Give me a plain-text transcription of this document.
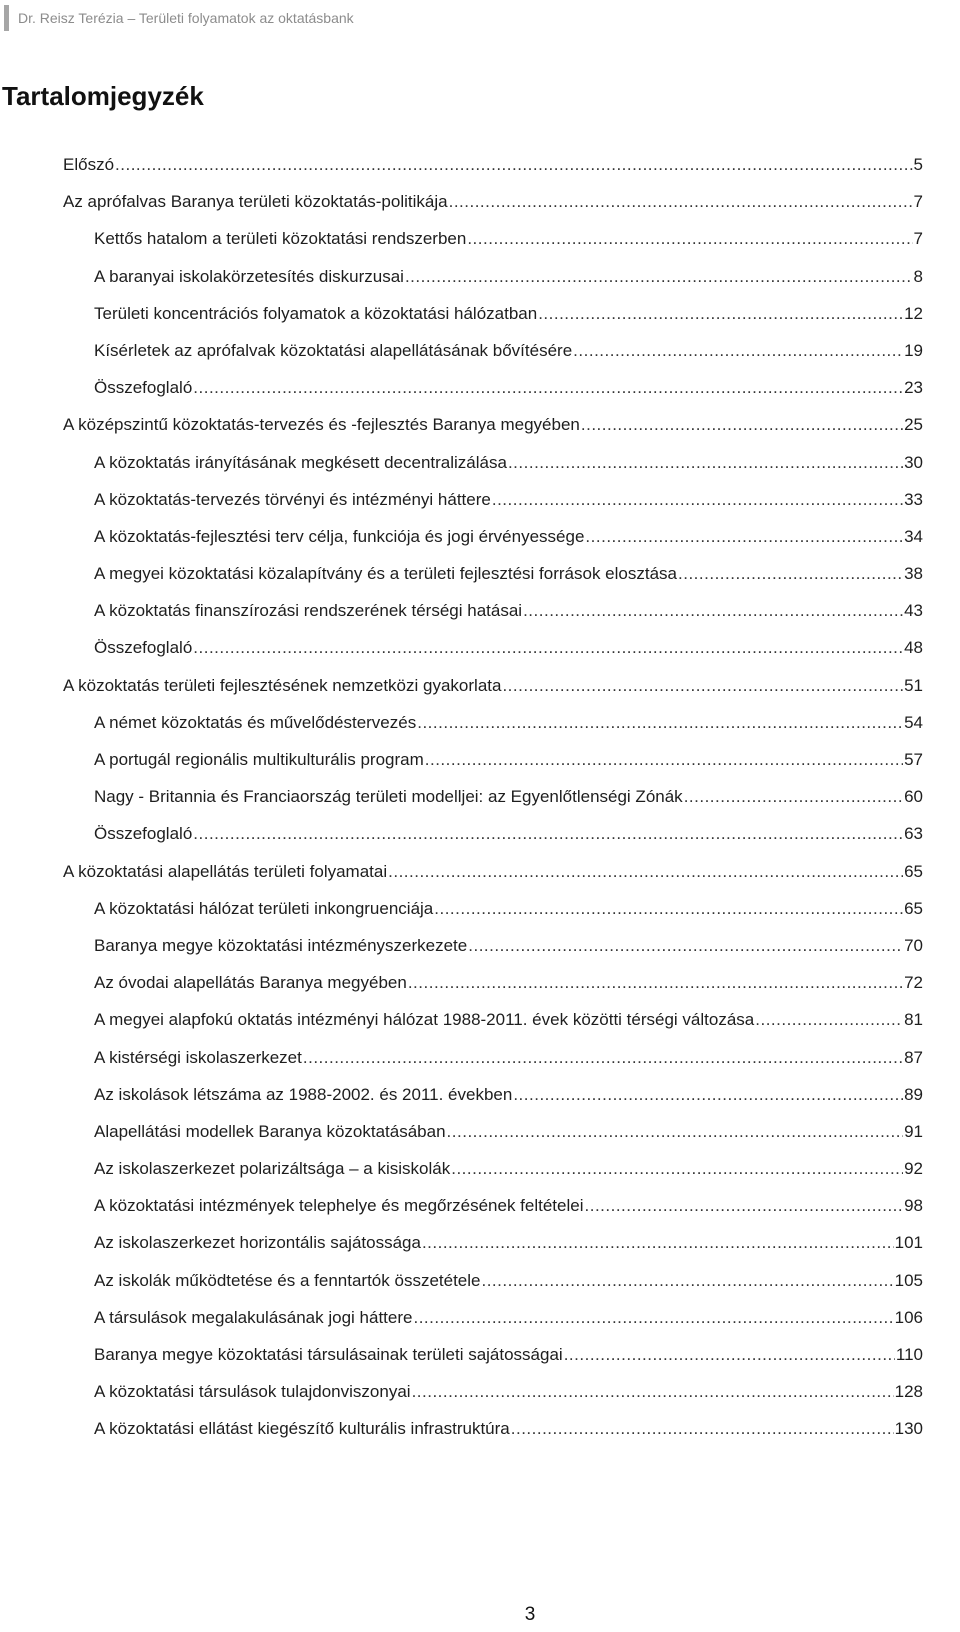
Dr. Reisz Terézia – Területi folyamatok az oktatásbank
Tartalomjegyzék
Előszó .....	5
Az aprófalvas Baranya területi közoktatás-politikája .....	7
Kettős hatalom a területi közoktatási rendszerben .....	7
A baranyai iskolakörzetesítés diskurzusai .....	8
Területi koncentrációs folyamatok a közoktatási hálózatban .....	12
Kísérletek az aprófalvak közoktatási alapellátásának bővítésére .....	19
Összefoglaló .....	23
A középszintű közoktatás-tervezés és -fejlesztés Baranya megyében .....	25
A közoktatás irányításának megkésett decentralizálása .....	30
A közoktatás-tervezés törvényi és intézményi háttere .....	33
A közoktatás-fejlesztési terv célja, funkciója és jogi érvényessége .....	34
A megyei közoktatási közalapítvány és a területi fejlesztési források elosztása .....	38
A közoktatás finanszírozási rendszerének térségi hatásai .....	43
Összefoglaló .....	48
A közoktatás területi fejlesztésének nemzetközi gyakorlata .....	51
A német közoktatás és művelődéstervezés .....	54
A portugál regionális multikulturális program .....	57
Nagy - Britannia és Franciaország területi modelljei: az Egyenlőtlenségi Zónák .....	60
Összefoglaló .....	63
A közoktatási alapellátás területi folyamatai .....	65
A közoktatási hálózat területi inkongruenciája .....	65
Baranya megye közoktatási intézményszerkezete .....	70
Az óvodai alapellátás Baranya megyében .....	72
A megyei alapfokú oktatás intézményi hálózat 1988-2011. évek közötti térségi változása .....	81
A kistérségi iskolaszerkezet .....	87
Az iskolások létszáma az 1988-2002. és 2011. években .....	89
Alapellátási modellek Baranya közoktatásában .....	91
Az iskolaszerkezet polarizáltsága – a kisiskolák .....	92
A közoktatási intézmények telephelye és megőrzésének feltételei .....	98
Az iskolaszerkezet horizontális sajátossága .....	101
Az iskolák működtetése és a fenntartók összetétele .....	105
A társulások megalakulásának jogi háttere .....	106
Baranya megye közoktatási társulásainak területi sajátosságai .....	110
A közoktatási társulások tulajdonviszonyai .....	128
A közoktatási ellátást kiegészítő kulturális infrastruktúra .....	130
3
